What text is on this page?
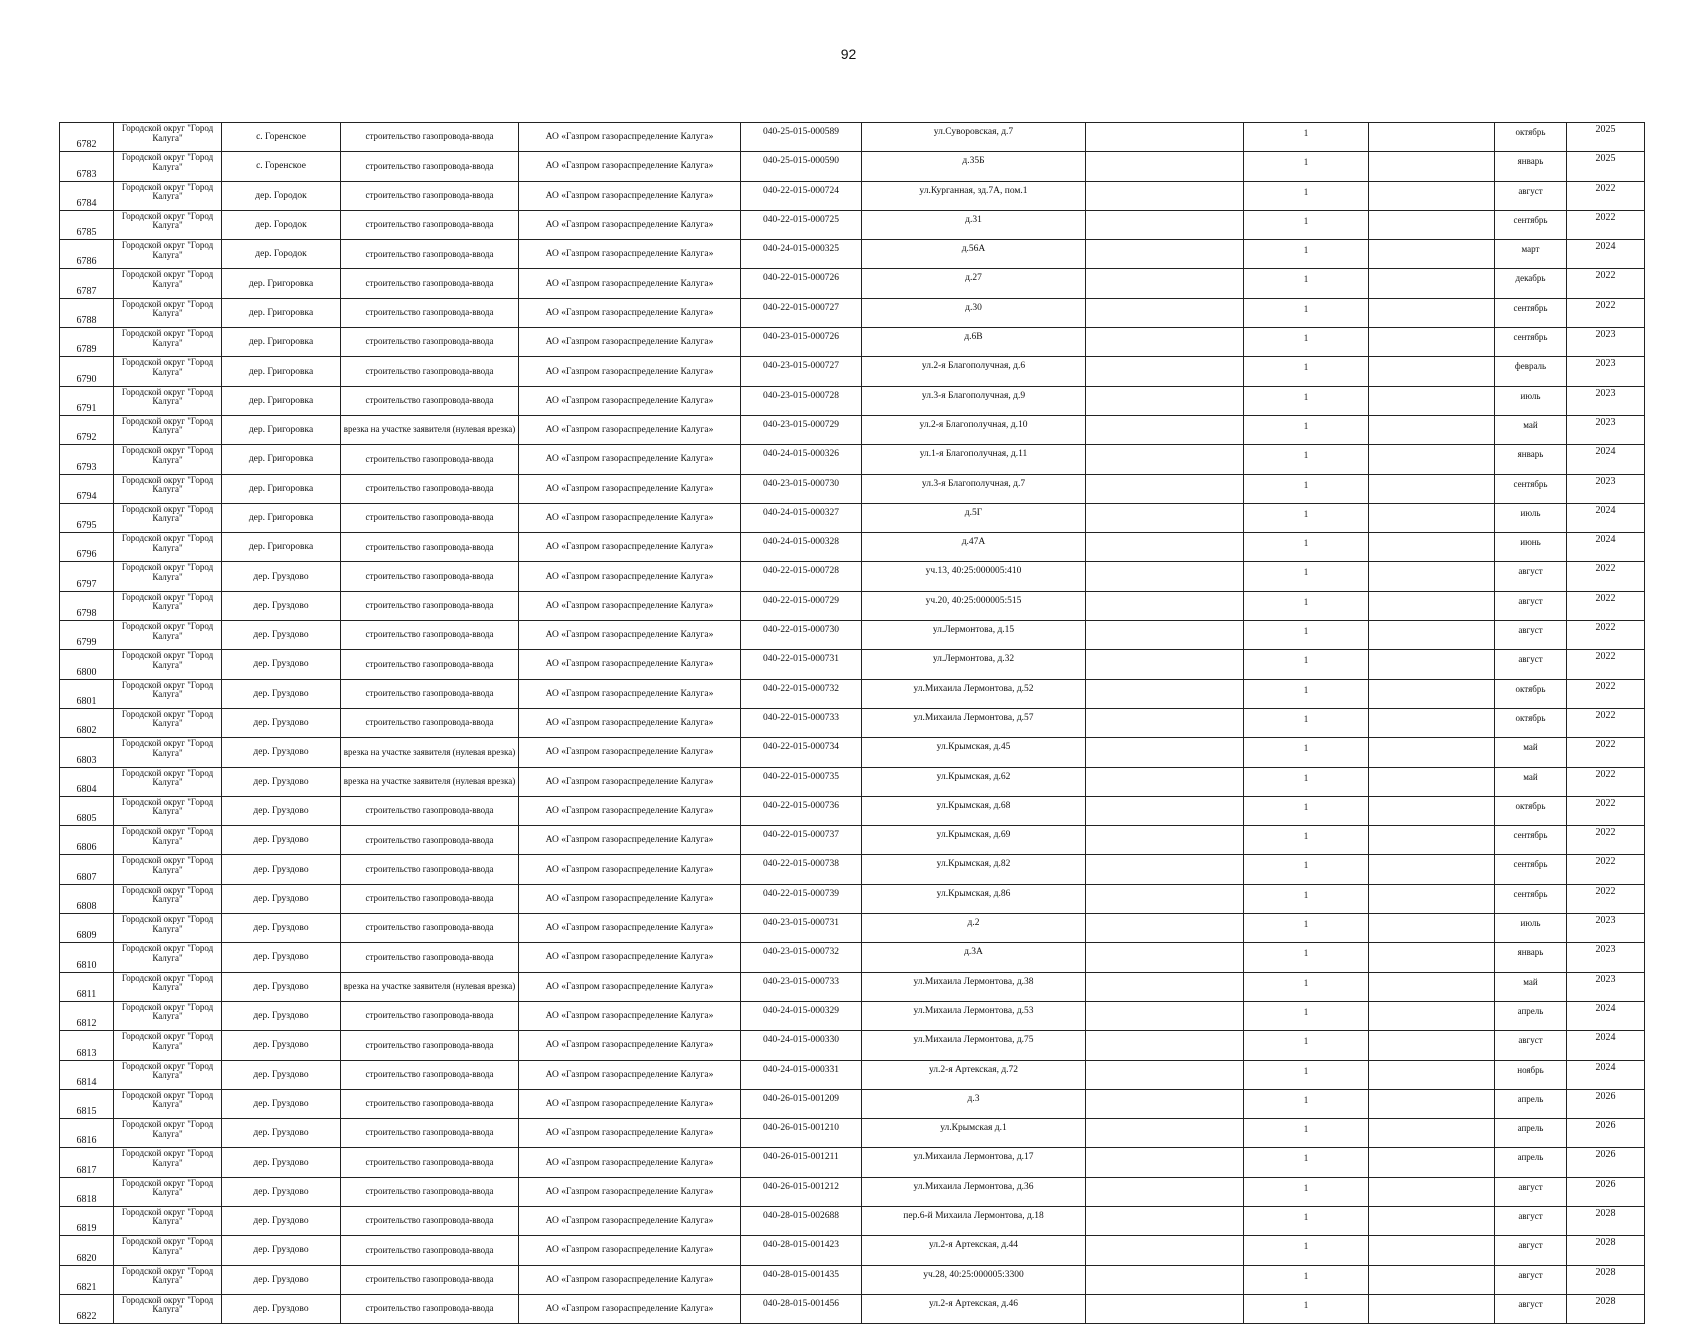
92
6782	Городской округ "Город Калуга"	с. Горенское	строительство газопровода-ввода	АО «Газпром газораспределение Калуга»	040-25-015-000589	ул.Суворовская, д.7		1		октябрь	2025
6783	Городской округ "Город Калуга"	с. Горенское	строительство газопровода-ввода	АО «Газпром газораспределение Калуга»	040-25-015-000590	д.35Б		1		январь	2025
6784	Городской округ "Город Калуга"	дер. Городок	строительство газопровода-ввода	АО «Газпром газораспределение Калуга»	040-22-015-000724	ул.Курганная, зд.7А, пом.1		1		август	2022
6785	Городской округ "Город Калуга"	дер. Городок	строительство газопровода-ввода	АО «Газпром газораспределение Калуга»	040-22-015-000725	д.31		1		сентябрь	2022
6786	Городской округ "Город Калуга"	дер. Городок	строительство газопровода-ввода	АО «Газпром газораспределение Калуга»	040-24-015-000325	д.56А		1		март	2024
6787	Городской округ "Город Калуга"	дер. Григоровка	строительство газопровода-ввода	АО «Газпром газораспределение Калуга»	040-22-015-000726	д.27		1		декабрь	2022
6788	Городской округ "Город Калуга"	дер. Григоровка	строительство газопровода-ввода	АО «Газпром газораспределение Калуга»	040-22-015-000727	д.30		1		сентябрь	2022
6789	Городской округ "Город Калуга"	дер. Григоровка	строительство газопровода-ввода	АО «Газпром газораспределение Калуга»	040-23-015-000726	д.6В		1		сентябрь	2023
6790	Городской округ "Город Калуга"	дер. Григоровка	строительство газопровода-ввода	АО «Газпром газораспределение Калуга»	040-23-015-000727	ул.2-я Благополучная, д.6		1		февраль	2023
6791	Городской округ "Город Калуга"	дер. Григоровка	строительство газопровода-ввода	АО «Газпром газораспределение Калуга»	040-23-015-000728	ул.3-я Благополучная, д.9		1		июль	2023
6792	Городской округ "Город Калуга"	дер. Григоровка	врезка на участке заявителя (нулевая врезка)	АО «Газпром газораспределение Калуга»	040-23-015-000729	ул.2-я Благополучная, д.10		1		май	2023
6793	Городской округ "Город Калуга"	дер. Григоровка	строительство газопровода-ввода	АО «Газпром газораспределение Калуга»	040-24-015-000326	ул.1-я Благополучная, д.11		1		январь	2024
6794	Городской округ "Город Калуга"	дер. Григоровка	строительство газопровода-ввода	АО «Газпром газораспределение Калуга»	040-23-015-000730	ул.3-я Благополучная, д.7		1		сентябрь	2023
6795	Городской округ "Город Калуга"	дер. Григоровка	строительство газопровода-ввода	АО «Газпром газораспределение Калуга»	040-24-015-000327	д.5Г		1		июль	2024
6796	Городской округ "Город Калуга"	дер. Григоровка	строительство газопровода-ввода	АО «Газпром газораспределение Калуга»	040-24-015-000328	д.47А		1		июнь	2024
6797	Городской округ "Город Калуга"	дер. Груздово	строительство газопровода-ввода	АО «Газпром газораспределение Калуга»	040-22-015-000728	уч.13, 40:25:000005:410		1		август	2022
6798	Городской округ "Город Калуга"	дер. Груздово	строительство газопровода-ввода	АО «Газпром газораспределение Калуга»	040-22-015-000729	уч.20, 40:25:000005:515		1		август	2022
6799	Городской округ "Город Калуга"	дер. Груздово	строительство газопровода-ввода	АО «Газпром газораспределение Калуга»	040-22-015-000730	ул.Лермонтова, д.15		1		август	2022
6800	Городской округ "Город Калуга"	дер. Груздово	строительство газопровода-ввода	АО «Газпром газораспределение Калуга»	040-22-015-000731	ул.Лермонтова, д.32		1		август	2022
6801	Городской округ "Город Калуга"	дер. Груздово	строительство газопровода-ввода	АО «Газпром газораспределение Калуга»	040-22-015-000732	ул.Михаила Лермонтова, д.52		1		октябрь	2022
6802	Городской округ "Город Калуга"	дер. Груздово	строительство газопровода-ввода	АО «Газпром газораспределение Калуга»	040-22-015-000733	ул.Михаила Лермонтова, д.57		1		октябрь	2022
6803	Городской округ "Город Калуга"	дер. Груздово	врезка на участке заявителя (нулевая врезка)	АО «Газпром газораспределение Калуга»	040-22-015-000734	ул.Крымская, д.45		1		май	2022
6804	Городской округ "Город Калуга"	дер. Груздово	врезка на участке заявителя (нулевая врезка)	АО «Газпром газораспределение Калуга»	040-22-015-000735	ул.Крымская, д.62		1		май	2022
6805	Городской округ "Город Калуга"	дер. Груздово	строительство газопровода-ввода	АО «Газпром газораспределение Калуга»	040-22-015-000736	ул.Крымская, д.68		1		октябрь	2022
6806	Городской округ "Город Калуга"	дер. Груздово	строительство газопровода-ввода	АО «Газпром газораспределение Калуга»	040-22-015-000737	ул.Крымская, д.69		1		сентябрь	2022
6807	Городской округ "Город Калуга"	дер. Груздово	строительство газопровода-ввода	АО «Газпром газораспределение Калуга»	040-22-015-000738	ул.Крымская, д.82		1		сентябрь	2022
6808	Городской округ "Город Калуга"	дер. Груздово	строительство газопровода-ввода	АО «Газпром газораспределение Калуга»	040-22-015-000739	ул.Крымская, д.86		1		сентябрь	2022
6809	Городской округ "Город Калуга"	дер. Груздово	строительство газопровода-ввода	АО «Газпром газораспределение Калуга»	040-23-015-000731	д.2		1		июль	2023
6810	Городской округ "Город Калуга"	дер. Груздово	строительство газопровода-ввода	АО «Газпром газораспределение Калуга»	040-23-015-000732	д.3А		1		январь	2023
6811	Городской округ "Город Калуга"	дер. Груздово	врезка на участке заявителя (нулевая врезка)	АО «Газпром газораспределение Калуга»	040-23-015-000733	ул.Михаила Лермонтова, д.38		1		май	2023
6812	Городской округ "Город Калуга"	дер. Груздово	строительство газопровода-ввода	АО «Газпром газораспределение Калуга»	040-24-015-000329	ул.Михаила Лермонтова, д.53		1		апрель	2024
6813	Городской округ "Город Калуга"	дер. Груздово	строительство газопровода-ввода	АО «Газпром газораспределение Калуга»	040-24-015-000330	ул.Михаила Лермонтова, д.75		1		август	2024
6814	Городской округ "Город Калуга"	дер. Груздово	строительство газопровода-ввода	АО «Газпром газораспределение Калуга»	040-24-015-000331	ул.2-я Артекская, д.72		1		ноябрь	2024
6815	Городской округ "Город Калуга"	дер. Груздово	строительство газопровода-ввода	АО «Газпром газораспределение Калуга»	040-26-015-001209	д.3		1		апрель	2026
6816	Городской округ "Город Калуга"	дер. Груздово	строительство газопровода-ввода	АО «Газпром газораспределение Калуга»	040-26-015-001210	ул.Крымская д.1		1		апрель	2026
6817	Городской округ "Город Калуга"	дер. Груздово	строительство газопровода-ввода	АО «Газпром газораспределение Калуга»	040-26-015-001211	ул.Михаила Лермонтова, д.17		1		апрель	2026
6818	Городской округ "Город Калуга"	дер. Груздово	строительство газопровода-ввода	АО «Газпром газораспределение Калуга»	040-26-015-001212	ул.Михаила Лермонтова, д.36		1		август	2026
6819	Городской округ "Город Калуга"	дер. Груздово	строительство газопровода-ввода	АО «Газпром газораспределение Калуга»	040-28-015-002688	пер.6-й Михаила Лермонтова, д.18		1		август	2028
6820	Городской округ "Город Калуга"	дер. Груздово	строительство газопровода-ввода	АО «Газпром газораспределение Калуга»	040-28-015-001423	ул.2-я Артекская, д.44		1		август	2028
6821	Городской округ "Город Калуга"	дер. Груздово	строительство газопровода-ввода	АО «Газпром газораспределение Калуга»	040-28-015-001435	уч.28, 40:25:000005:3300		1		август	2028
6822	Городской округ "Город Калуга"	дер. Груздово	строительство газопровода-ввода	АО «Газпром газораспределение Калуга»	040-28-015-001456	ул.2-я Артекская, д.46		1		август	2028
